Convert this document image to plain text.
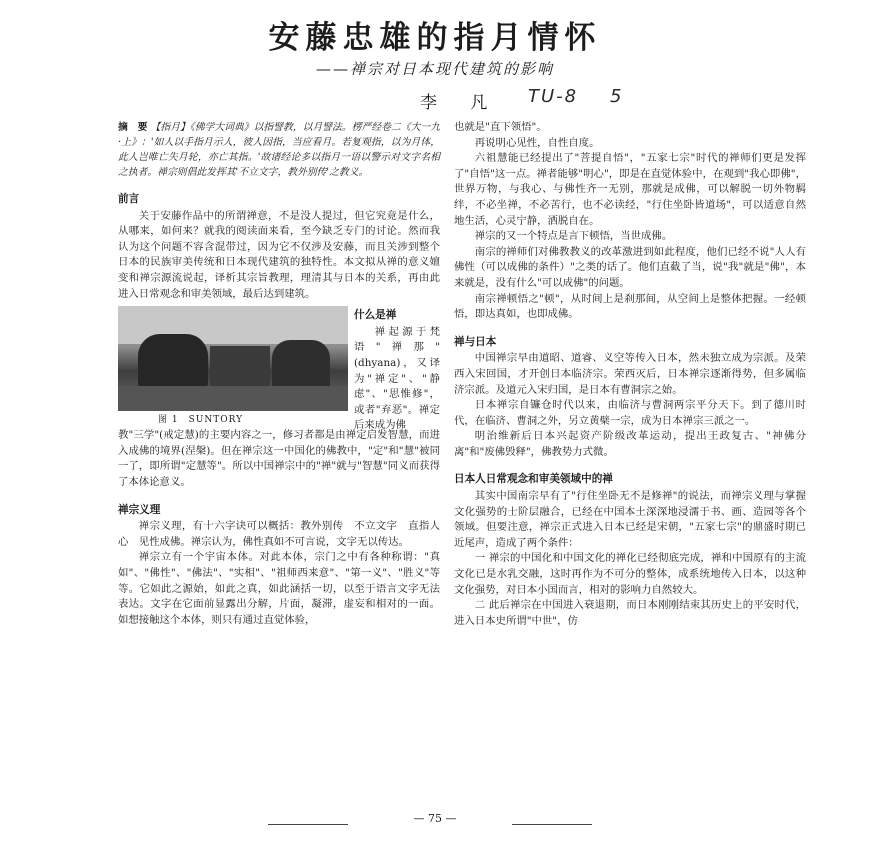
安藤忠雄的指月情怀
——禅宗对日本现代建筑的影响
李 凡 TU-8 5
摘　要 【指月】《佛学大词典》以指譬教，以月譬法。楞严经卷二《大一九·上》：'如人以手指月示人，彼人因指，当应看月。若复观指，以为月体，此人岂唯亡失月轮，亦亡其指。'故诸经论多以指月一语以警示对文字名相之执者。禅宗则倡此发挥其'不立文字，教外别传'之教义。
前言

关于安藤作品中的所谓禅意，不是没人提过，但它究竟是什么，从哪来，如何来？就我的阅读面来看，至今缺乏专门的讨论。然而我认为这个问题不容含混带过，因为它不仅涉及安藤，而且关涉到整个日本的民族审美传统和日本现代建筑的独特性。本文拟从禅的意义嬗变和禅宗源流说起，译析其宗旨教理，理清其与日本的关系，再由此进入日常观念和审美领域，最后达到建筑。

图 1　SUNTORY
什么是禅

禅起源于梵语"禅那"(dhyana)，又译为"禅定"、"静虑"、"思惟修"，或者"弃恶"。禅定后来成为佛

教"三学"(戒定慧)的主要内容之一，修习者都是由禅定启发智慧，而进入成佛的境界(涅槃)。但在禅宗这一中国化的佛教中，"定"和"慧"被同一了，即所谓"定慧等"。所以中国禅宗中的"禅"就与"智慧"同义而获得了本体论意义。

禅宗义理

禅宗义理，有十六字诀可以概括：教外别传　不立文字　直指人心　见性成佛。禅宗认为，佛性真如不可言说，文字无以传达。

禅宗立有一个宇宙本体。对此本体，宗门之中有各种称谓："真如"、"佛性"、"佛法"、"实相"、"祖师西来意"、"第一义"、"胜义"等等。它如此之源始，如此之真，如此涵括一切，以至于语言文字无法表达。文字在它面前显露出分解，片面，凝滞，虚妄和相对的一面。如想接触这个本体，则只有通过直觉体验，

也就是"直下领悟"。

再说明心见性，自性自度。

六祖慧能已经提出了"菩提自悟"，"五家七宗"时代的禅师们更是发挥了"自悟"这一点。禅者能够"明心"，即是在直觉体验中，在观到"我心即佛"，世界万物，与我心、与佛性齐一无别，那就是成佛，可以解脱一切外物羁绊，不必坐禅，不必苦行，也不必读经，"行住坐卧皆道场"，可以适意自然地生活，心灵宁静，洒脱自在。

禅宗的又一个特点是言下顿悟，当世成佛。

南宗的禅师们对佛教教义的改革激进到如此程度，他们已经不说"人人有佛性（可以成佛的条件）"之类的话了。他们直截了当，说"我"就是"佛"，本来就是，没有什么"可以成佛"的问题。

南宗禅顿悟之"顿"，从时间上是刹那间，从空间上是整体把握。一经顿悟，即达真如，也即成佛。

禅与日本

中国禅宗早由道昭、道睿、义空等传入日本，然未独立成为宗派。及荣西入宋回国，才开创日本临济宗。荣西灭后，日本禅宗逐渐得势，但多属临济宗派。及道元入宋归国，是日本有曹洞宗之始。

日本禅宗自镰仓时代以来，由临济与曹洞两宗平分天下。到了德川时代，在临济、曹洞之外，另立黄檗一宗，成为日本禅宗三派之一。

明治维新后日本兴起资产阶级改革运动，提出王政复古、"神佛分离"和"废佛毁释"，佛教势力式微。

日本人日常观念和审美领域中的禅

其实中国南宗早有了"行住坐卧无不是修禅"的说法，而禅宗义理与掌握文化强势的士阶层融合，已经在中国本土深深地浸濡于书、画、造园等各个领域。但要注意，禅宗正式进入日本已经是宋朝，"五家七宗"的鼎盛时期已近尾声，造成了两个条件：

一 禅宗的中国化和中国文化的禅化已经彻底完成，禅和中国原有的主流文化已是水乳交融，这时再作为不可分的整体，成系统地传入日本，以这种文化强势，对日本小国而言，相对的影响力自然较大。

二 此后禅宗在中国进入衰退期，而日本刚刚结束其历史上的平安时代，进入日本史所谓"中世"，仿

— 75 —
